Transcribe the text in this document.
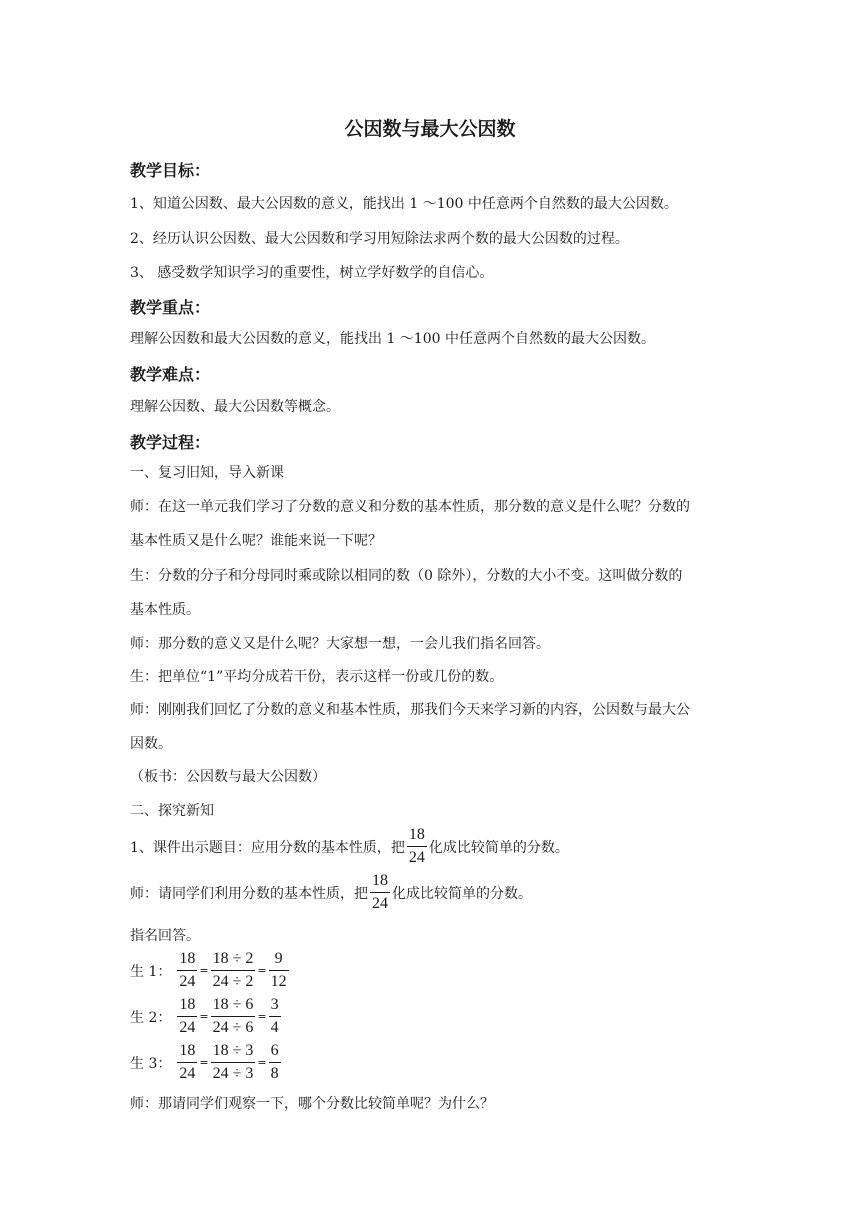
公因数与最大公因数
教学目标：
1、知道公因数、最大公因数的意义，能找出 1 ～100 中任意两个自然数的最大公因数。
2、经历认识公因数、最大公因数和学习用短除法求两个数的最大公因数的过程。
3、 感受数学知识学习的重要性，树立学好数学的自信心。
教学重点：
理解公因数和最大公因数的意义，能找出 1 ～100 中任意两个自然数的最大公因数。
教学难点：
理解公因数、最大公因数等概念。
教学过程：
一、复习旧知，导入新课
师：在这一单元我们学习了分数的意义和分数的基本性质，那分数的意义是什么呢？分数的
基本性质又是什么呢？谁能来说一下呢？
生：分数的分子和分母同时乘或除以相同的数（0 除外），分数的大小不变。这叫做分数的
基本性质。
师：那分数的意义又是什么呢？大家想一想，一会儿我们指名回答。
生：把单位“1”平均分成若干份，表示这样一份或几份的数。
师：刚刚我们回忆了分数的意义和基本性质，那我们今天来学习新的内容，公因数与最大公
因数。
（板书：公因数与最大公因数）
二、探究新知
1、课件出示题目：应用分数的基本性质，把 $\frac{18}{24}$ 化成比较简单的分数。
师：请同学们利用分数的基本性质，把 $\frac{18}{24}$ 化成比较简单的分数。
指名回答。
生 1： $\frac{18}{24} = \frac{18 \div 2}{24 \div 2} = \frac{9}{12}$
生 2： $\frac{18}{24} = \frac{18 \div 6}{24 \div 6} = \frac{3}{4}$
生 3： $\frac{18}{24} = \frac{18 \div 3}{24 \div 3} = \frac{6}{8}$
师：那请同学们观察一下，哪个分数比较简单呢？为什么？
